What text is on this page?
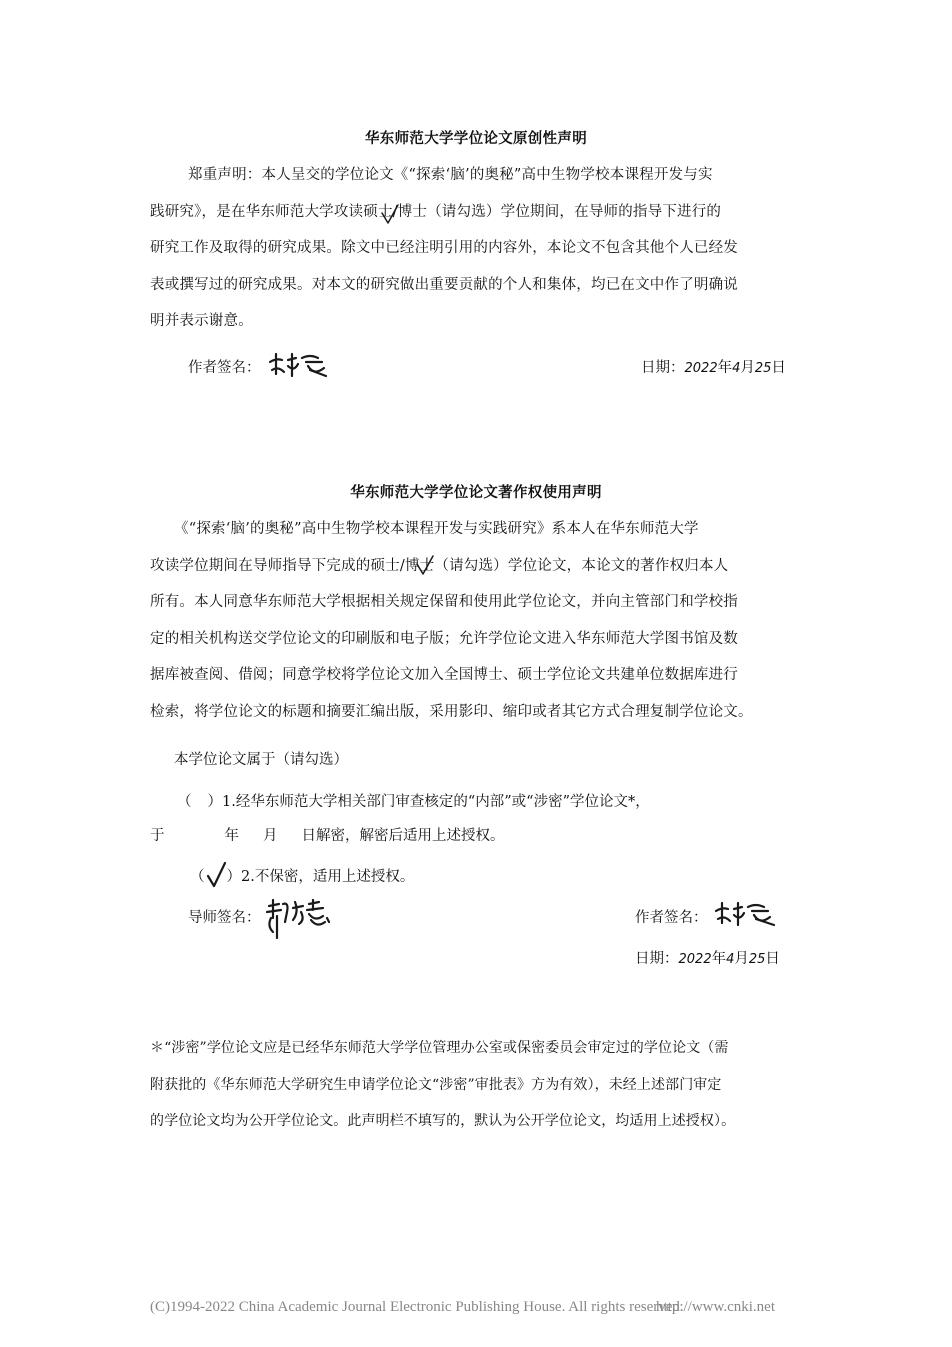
华东师范大学学位论文原创性声明
郑重声明：本人呈交的学位论文《“探索‘脑’的奥秘”高中生物学校本课程开发与实
践研究》，是在华东师范大学攻读硕士/博士（请勾选）学位期间，在导师的指导下进行的
研究工作及取得的研究成果。除文中已经注明引用的内容外，本论文不包含其他个人已经发
表或撰写过的研究成果。对本文的研究做出重要贡献的个人和集体，均已在文中作了明确说
明并表示谢意。
作者签名：	日期：2022年4月25日
华东师范大学学位论文著作权使用声明
《“探索‘脑’的奥秘”高中生物学校本课程开发与实践研究》系本人在华东师范大学
攻读学位期间在导师指导下完成的硕士/博士（请勾选）学位论文，本论文的著作权归本人
所有。本人同意华东师范大学根据相关规定保留和使用此学位论文，并向主管部门和学校指
定的相关机构送交学位论文的印刷版和电子版；允许学位论文进入华东师范大学图书馆及数
据库被查阅、借阅；同意学校将学位论文加入全国博士、硕士学位论文共建单位数据库进行
检索，将学位论文的标题和摘要汇编出版，采用影印、缩印或者其它方式合理复制学位论文。
本学位论文属于（请勾选）
（ ）1.经华东师范大学相关部门审查核定的“内部”或“涉密”学位论文*，
于	年 月 日解密，解密后适用上述授权。
（ ）2.不保密，适用上述授权。
导师签名：	作者签名：
日期：2022年4月25日
＊“涉密”学位论文应是已经华东师范大学学位管理办公室或保密委员会审定过的学位论文（需
附获批的《华东师范大学研究生申请学位论文“涉密”审批表》方为有效），未经上述部门审定
的学位论文均为公开学位论文。此声明栏不填写的，默认为公开学位论文，均适用上述授权）。
(C)1994-2022 China Academic Journal Electronic Publishing House. All rights reserved.
http://www.cnki.net
